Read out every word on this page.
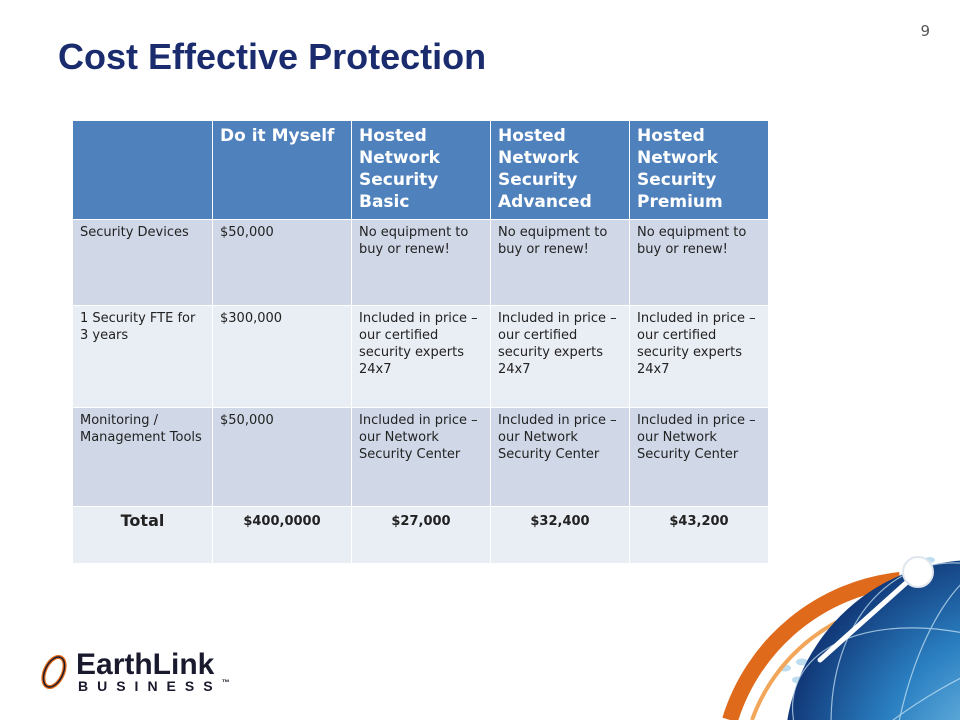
9
Cost Effective Protection
	Do it Myself	Hosted Network Security Basic	Hosted Network Security Advanced	Hosted Network Security Premium
Security Devices	$50,000	No equipment to buy or renew!	No equipment to buy or renew!	No equipment to buy or renew!
1 Security FTE for 3 years	$300,000	Included in price – our certified security experts 24x7	Included in price – our certified security experts 24x7	Included in price – our certified security experts 24x7
Monitoring / Management Tools	$50,000	Included in price – our Network Security Center	Included in price – our Network Security Center	Included in price – our Network Security Center
Total	$400,0000	$27,000	$32,400	$43,200
EarthLink
BUSINESS™
